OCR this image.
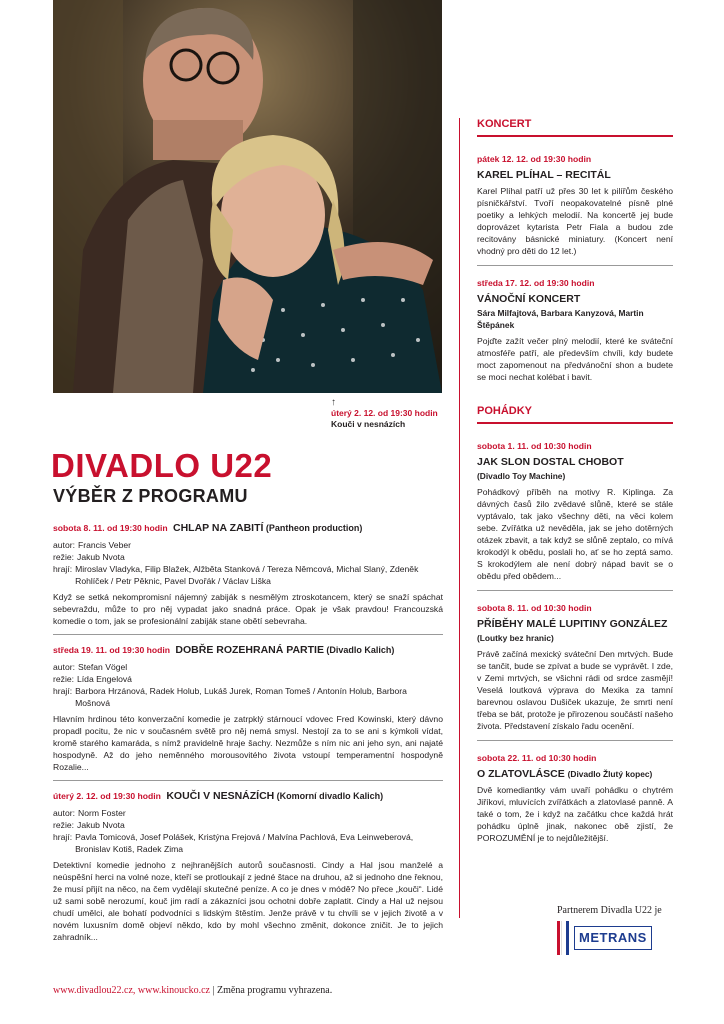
↑
úterý 2. 12. od 19:30 hodin
Kouči v nesnázích
DIVADLO U22
VÝBĚR Z PROGRAMU
sobota 8. 11. od 19:30 hodin CHLAP NA ZABITÍ (Pantheon production)
autor: Francis Veber
režie: Jakub Nvota
hrají: Miroslav Vladyka, Filip Blažek, Alžběta Stanková / Tereza Němcová, Michal Slaný, Zdeněk Rohlíček / Petr Pěknic, Pavel Dvořák / Václav Liška
Když se setká nekompromisní nájemný zabiják s nesmělým ztroskotancem, který se snaží spáchat sebevraždu, může to pro něj vypadat jako snadná práce. Opak je však pravdou! Francouzská komedie o tom, jak se profesionální zabiják stane obětí sebevraha.
středa 19. 11. od 19:30 hodin DOBŘE ROZEHRANÁ PARTIE (Divadlo Kalich)
autor: Stefan Vögel
režie: Lída Engelová
hrají: Barbora Hrzánová, Radek Holub, Lukáš Jurek, Roman Tomeš / Antonín Holub, Barbora Mošnová
Hlavním hrdinou této konverzační komedie je zatrpklý stárnoucí vdovec Fred Kowinski, který dávno propadl pocitu, že nic v současném světě pro něj nemá smysl. Nestojí za to se ani s kýmkoli vídat, kromě starého kamaráda, s nímž pravidelně hraje šachy. Nezmůže s ním nic ani jeho syn, ani najaté hospodyně. Až do jeho neměnného morousovitého života vstoupí temperamentní hospodyně Rozalie...
úterý 2. 12. od 19:30 hodin KOUČI V NESNÁZÍCH (Komorní divadlo Kalich)
autor: Norm Foster
režie: Jakub Nvota
hrají: Pavla Tomicová, Josef Polášek, Kristýna Frejová / Malvína Pachlová, Eva Leinweberová, Bronislav Kotiš, Radek Zima
Detektivní komedie jednoho z nejhranějších autorů současnosti. Cindy a Hal jsou manželé a neúspěšní herci na volné noze, kteří se protloukají z jedné štace na druhou, až si jednoho dne řeknou, že musí přijít na něco, na čem vydělají skutečné peníze. A co je dnes v módě? No přece „kouči“. Lidé už sami sobě nerozumí, kouč jim radí a zákazníci jsou ochotni dobře zaplatit. Cindy a Hal už nejsou chudí umělci, ale bohatí podvodníci s lidským štěstím. Jenže právě v tu chvíli se v jejich životě a v novém luxusním domě objeví někdo, kdo by mohl všechno změnit, dokonce zničit. Je to jejich zahradník...
KONCERT
pátek 12. 12. od 19:30 hodin
KAREL PLÍHAL – RECITÁL
Karel Plíhal patří už přes 30 let k pilířům českého písničkářství. Tvoří neopakovatelné písně plné poetiky a lehkých melodií. Na koncertě jej bude doprovázet kytarista Petr Fiala a budou zde recitovány básnické miniatury. (Koncert není vhodný pro děti do 12 let.)
středa 17. 12. od 19:30 hodin
VÁNOČNÍ KONCERT
Sára Milfajtová, Barbara Kanyzová, Martin Štěpánek
Pojďte zažít večer plný melodií, které ke sváteční atmosféře patří, ale především chvíli, kdy budete moct zapomenout na předvánoční shon a budete se moci nechat kolébat i bavit.
POHÁDKY
sobota 1. 11. od 10:30 hodin
JAK SLON DOSTAL CHOBOT
(Divadlo Toy Machine)
Pohádkový příběh na motivy R. Kiplinga. Za dávných časů žilo zvědavé slůně, které se stále vyptávalo, tak jako všechny děti, na věci kolem sebe. Zvířátka už nevěděla, jak se jeho dotěrných otázek zbavit, a tak když se slůně zeptalo, co mívá krokodýl k obědu, poslali ho, ať se ho zeptá samo. S krokodýlem ale není dobrý nápad bavit se o obědu před obědem...
sobota 8. 11. od 10:30 hodin
PŘÍBĚHY MALÉ LUPITINY GONZÁLEZ
(Loutky bez hranic)
Právě začíná mexický sváteční Den mrtvých. Bude se tančit, bude se zpívat a bude se vyprávět. I zde, v Zemi mrtvých, se všichni rádi od srdce zasmějí! Veselá loutková výprava do Mexika za tamní barevnou oslavou Dušiček ukazuje, že smrti není třeba se bát, protože je přirozenou součástí našeho života. Představení získalo řadu ocenění.
sobota 22. 11. od 10:30 hodin
O ZLATOVLÁSCE (Divadlo Žlutý kopec)
Dvě komediantky vám uvaří pohádku o chytrém Jiříkovi, mluvících zvířátkách a zlatovlasé panně. A také o tom, že i když na začátku chce každá hrát pohádku úplně jinak, nakonec obě zjistí, že POROZUMĚNÍ je to nejdůležitější.
Partnerem Divadla U22 je
METRANS
www.divadlou22.cz, www.kinoucko.cz | Změna programu vyhrazena.
